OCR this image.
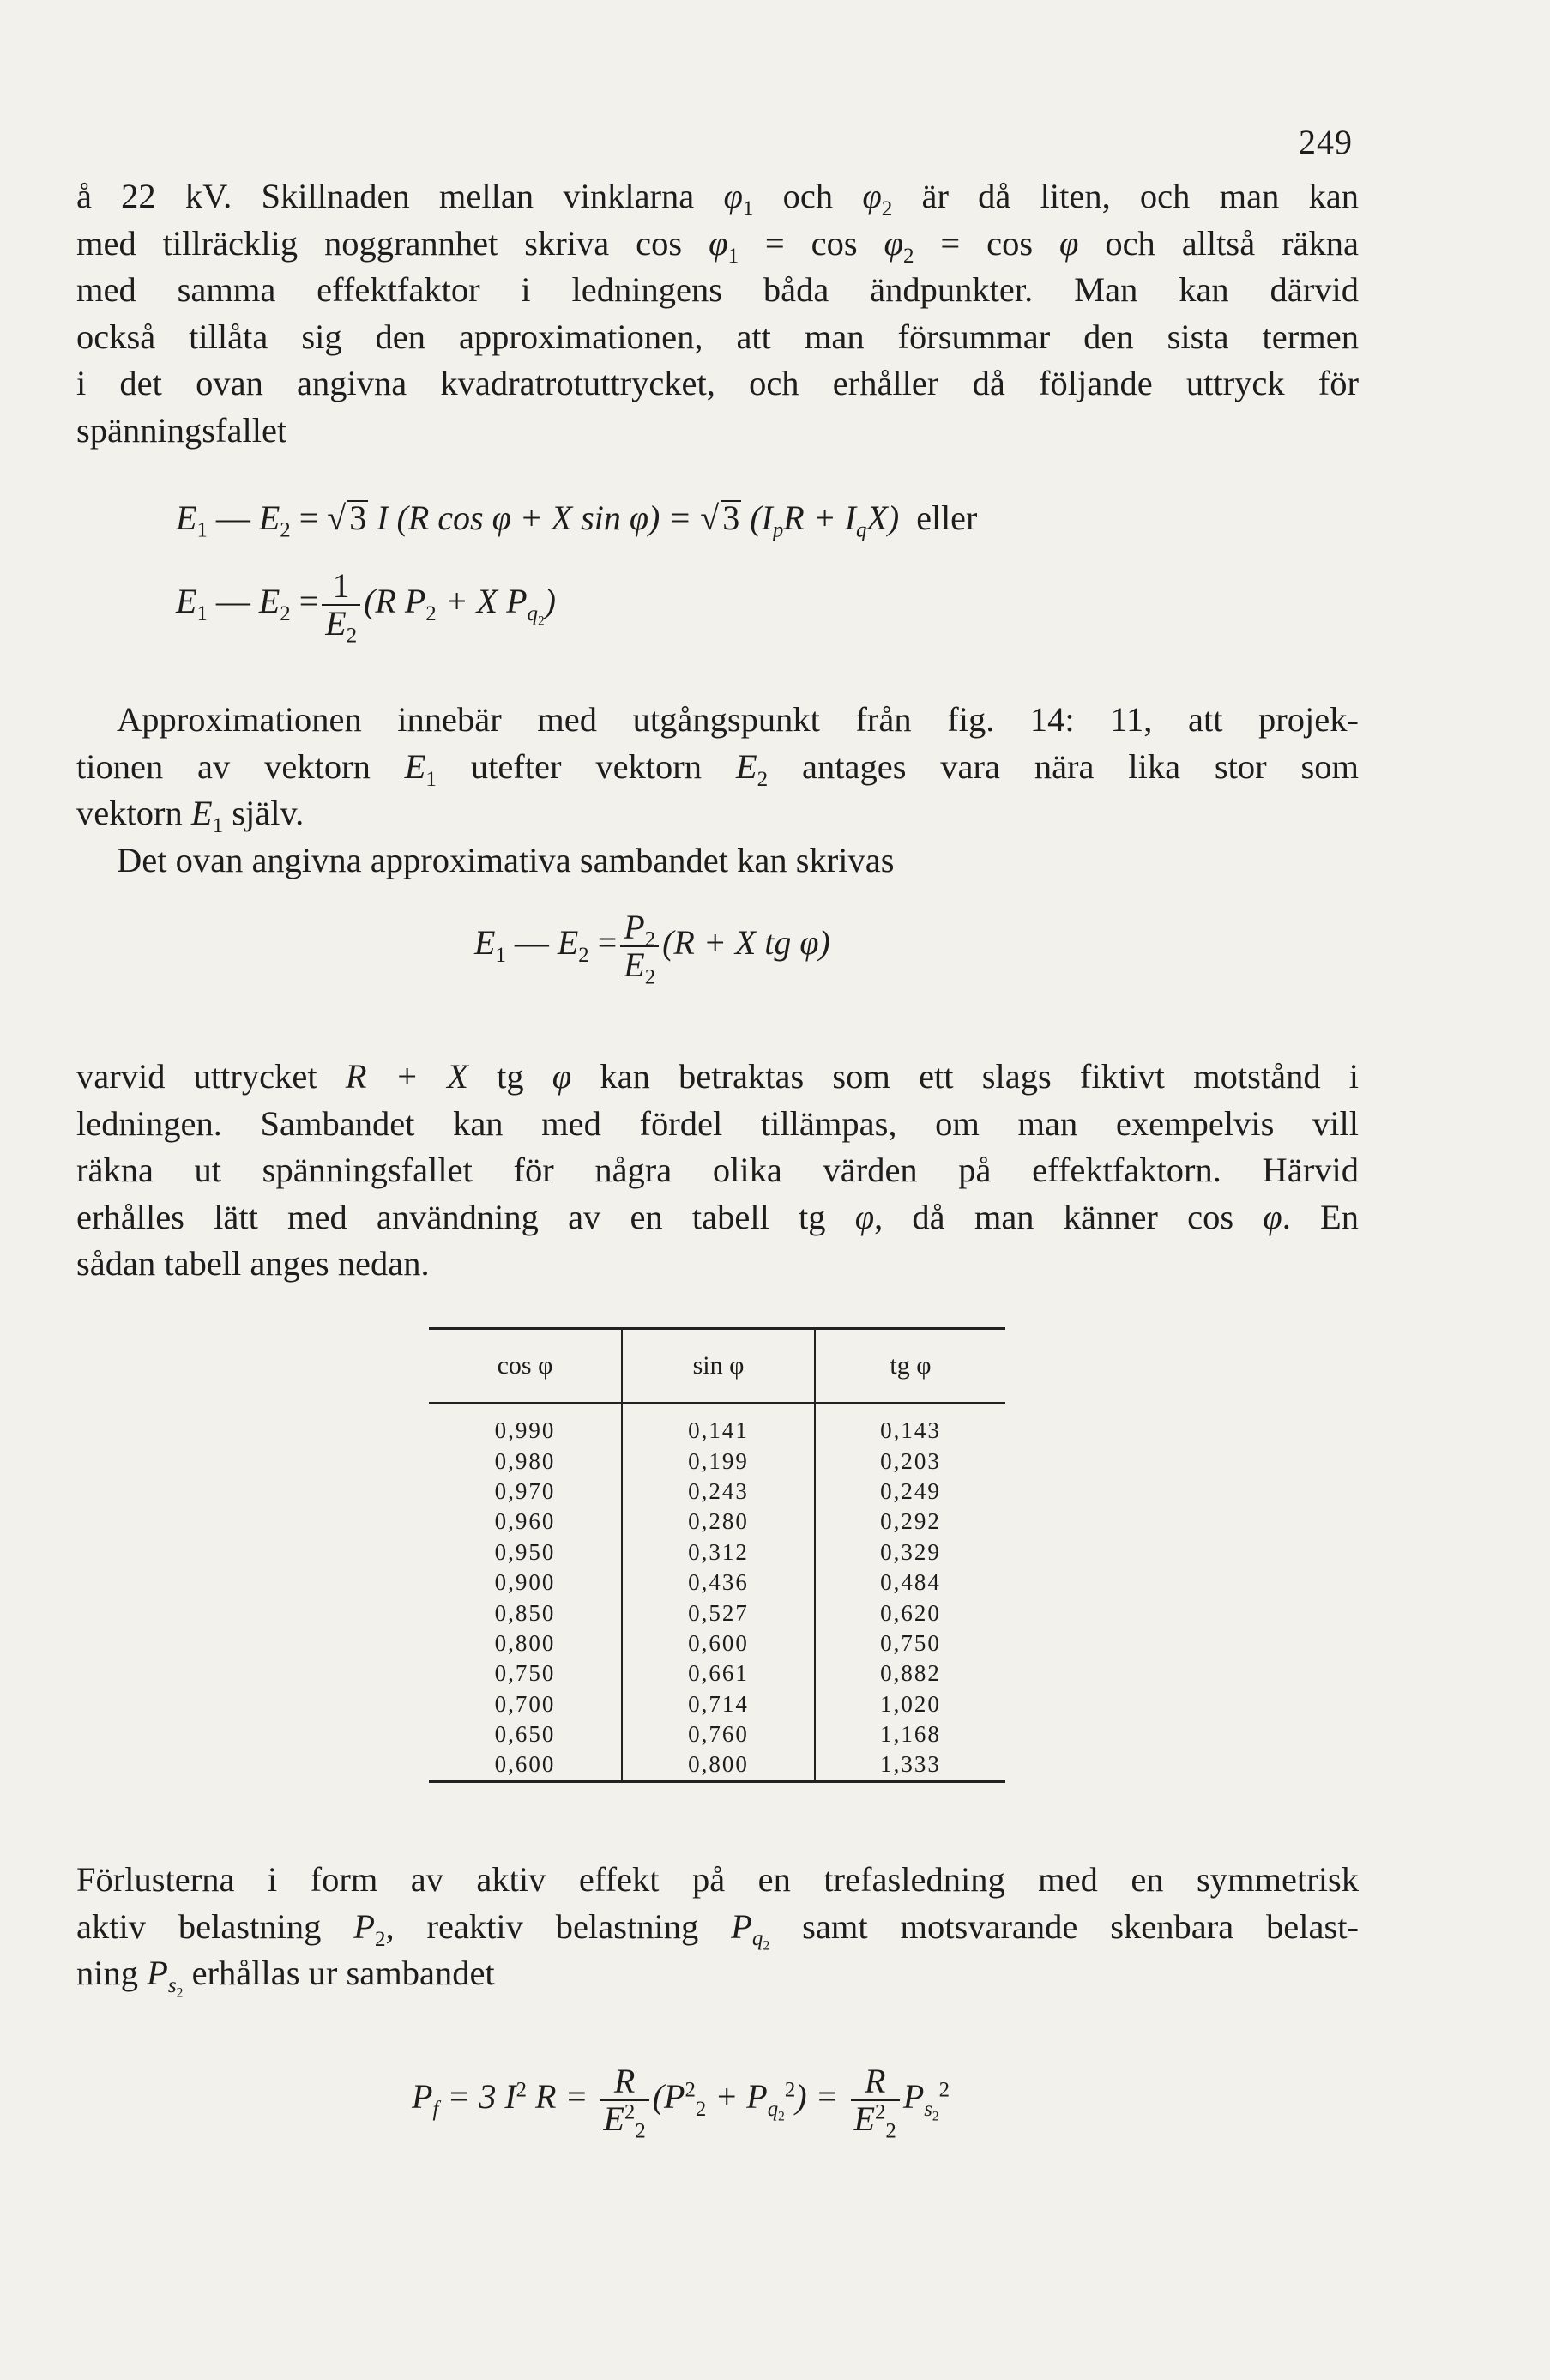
249
å 22 kV. Skillnaden mellan vinklarna $\varphi_1$ och $\varphi_2$ är då liten, och man kan
med tillräcklig noggrannhet skriva $\cos \varphi_1 = \cos \varphi_2 = \cos \varphi$ och alltså räkna
med samma effektfaktor i ledningens båda ändpunkter. Man kan därvid
också tillåta sig den approximationen, att man försummar den sista termen
i det ovan angivna kvadratrotuttrycket, och erhåller då följande uttryck för
spänningsfallet
$E_1$ — $E_2$ = √ 3 I (R cos φ + X sin φ) = √ 3 $(I_pR + I_qX)$ eller
$E_1$ — $E_2 = \frac{1}{E_2} (R$ $P_2 + X$ $P_{q_2}$)
Approximationen innebär med utgångspunkt från fig. 14: 11, att projek-
tionen av vektorn $E_1$ utefter vektorn $E_2$ antages vara nära lika stor som
vektorn $E_1$ själv.
Det ovan angivna approximativa sambandet kan skrivas
$E_1$ — $E_2 = \frac{P_2}{E_2} (R + X$ tg φ)
varvid uttrycket R + X tg φ kan betraktas som ett slags fiktivt motstånd i
ledningen. Sambandet kan med fördel tillämpas, om man exempelvis vill
räkna ut spänningsfallet för några olika värden på effektfaktorn. Härvid
erhålles lätt med användning av en tabell tg φ, då man känner cos φ. En
sådan tabell anges nedan.
cos φ	sin φ	tg φ
0,990	0,141	0,143
0,980	0,199	0,203
0,970	0,243	0,249
0,960	0,280	0,292
0,950	0,312	0,329
0,900	0,436	0,484
0,850	0,527	0,620
0,800	0,600	0,750
0,750	0,661	0,882
0,700	0,714	1,020
0,650	0,760	1,168
0,600	0,800	1,333
Förlusterna i form av aktiv effekt på en trefasledning med en symmetrisk
aktiv belastning $P_2$, reaktiv belastning $P_{q_2}$ samt motsvarande skenbara belast-
ning $P_{s_2}$ erhållas ur sambandet
$P_f = 3$ $I^2$ $R = \frac{R}{E^2_2} (P^2_2 + P_{q_2}^2) = \frac{R}{E^2_2} P_{s_2}^2$
